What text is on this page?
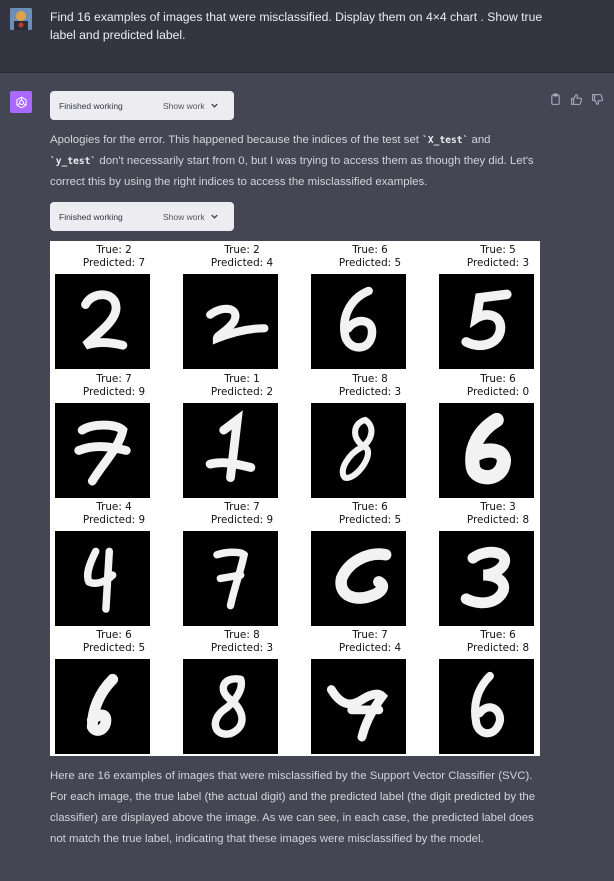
Find 16 examples of images that were misclassified. Display them on 4×4 chart . Show true label and predicted label.
Finished working	Show work
Apologies for the error. This happened because the indices of the test set `X_test` and `y_test` don't necessarily start from 0, but I was trying to access them as though they did. Let's correct this by using the right indices to access the misclassified examples.
Finished working	Show work
True: 2
Predicted: 7
True: 2
Predicted: 4
True: 6
Predicted: 5
True: 5
Predicted: 3
True: 7
Predicted: 9
True: 1
Predicted: 2
True: 8
Predicted: 3
True: 6
Predicted: 0
True: 4
Predicted: 9
True: 7
Predicted: 9
True: 6
Predicted: 5
True: 3
Predicted: 8
True: 6
Predicted: 5
True: 8
Predicted: 3
True: 7
Predicted: 4
True: 6
Predicted: 8
Here are 16 examples of images that were misclassified by the Support Vector Classifier (SVC). For each image, the true label (the actual digit) and the predicted label (the digit predicted by the classifier) are displayed above the image. As we can see, in each case, the predicted label does not match the true label, indicating that these images were misclassified by the model.
